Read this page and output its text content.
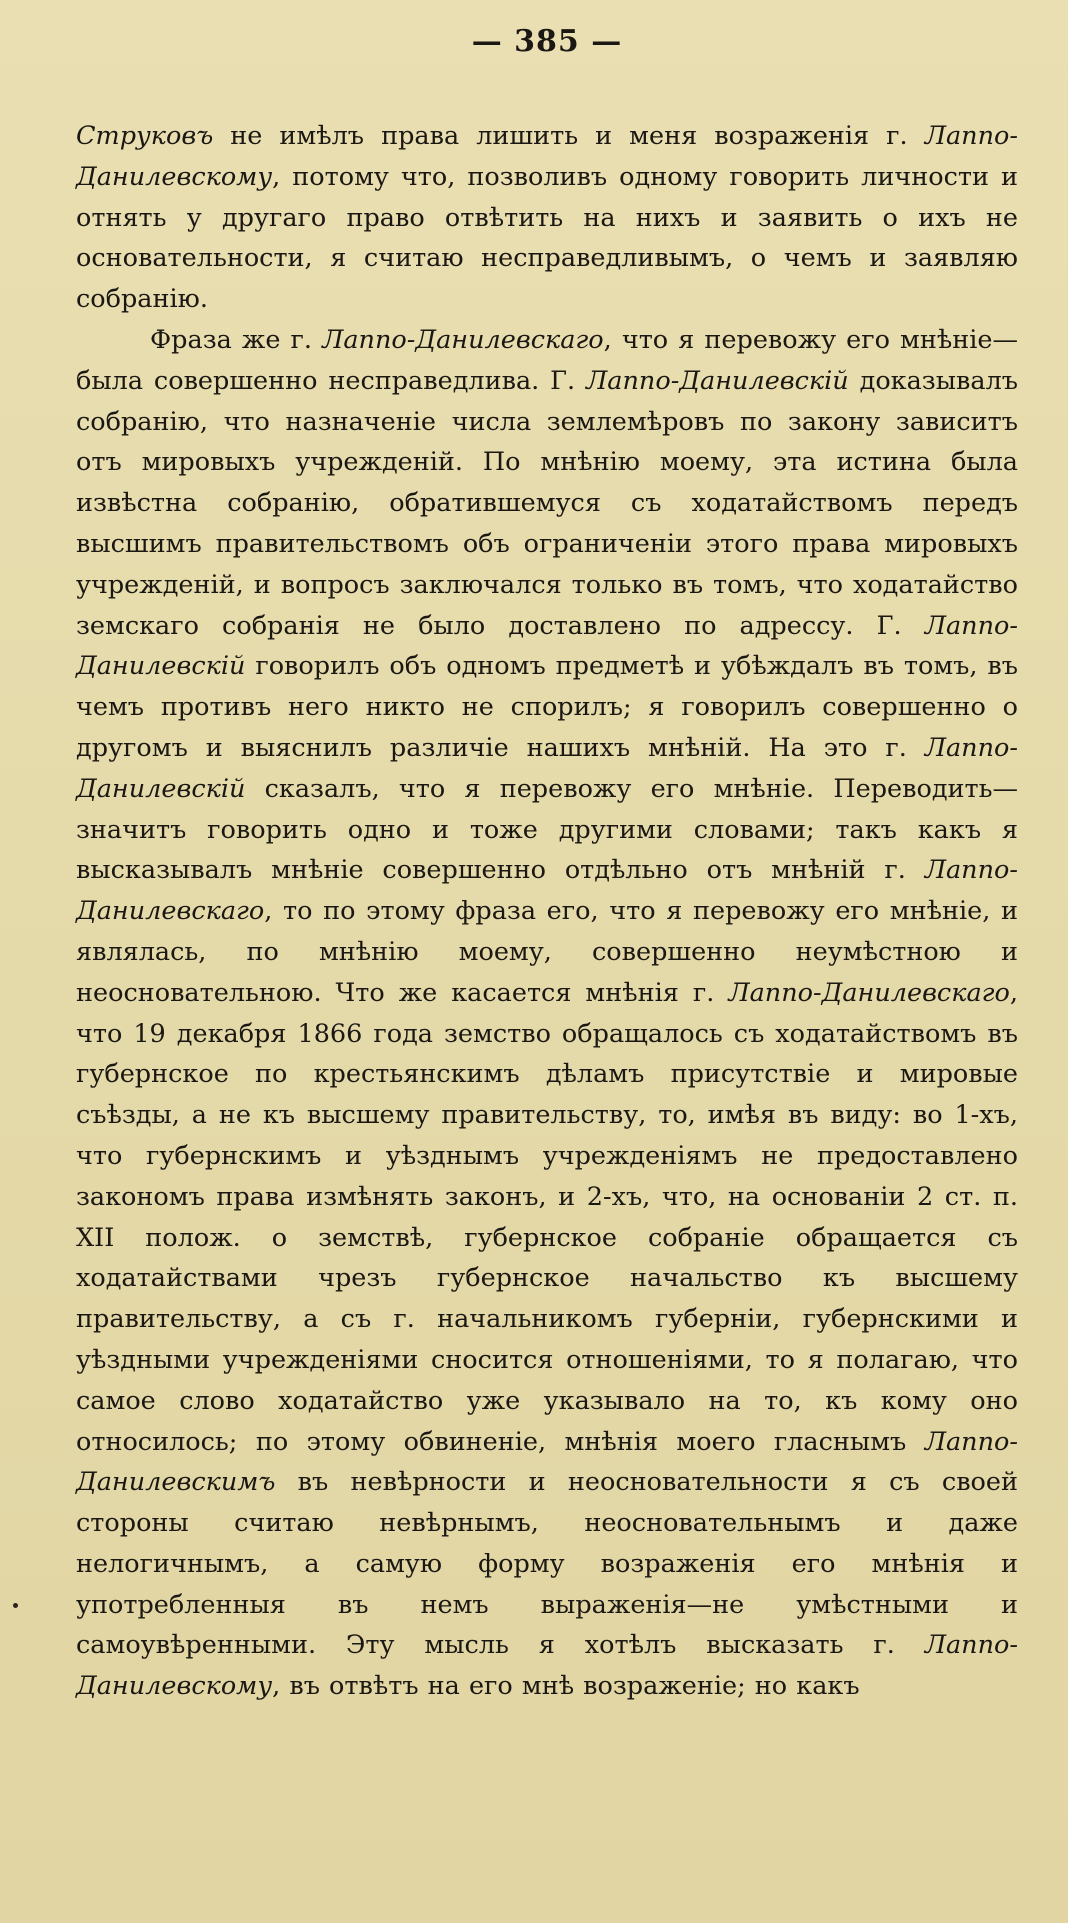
— 385 —

Струковъ не имѣлъ права лишить и меня возраженія г. Лаппо-Данилевскому, потому что, позволивъ одному говорить личности и отнять у другаго право отвѣтить на нихъ и заявить о ихъ не основательности, я считаю несправедливымъ, о чемъ и заявляю собранію.

Фраза же г. Лаппо-Данилевскаго, что я перевожу его мнѣніе— была совершенно несправедлива. Г. Лаппо-Данилевскій доказывалъ собранію, что назначеніе числа землемѣровъ по закону зависитъ отъ мировыхъ учрежденій. По мнѣнію моему, эта истина была извѣстна собранію, обратившемуся съ ходатайствомъ передъ высшимъ правительствомъ объ ограниченіи этого права мировыхъ учрежденій, и вопросъ заключался только въ томъ, что ходатайство земскаго собранія не было доставлено по адрессу. Г. Лаппо-Данилевскій говорилъ объ одномъ предметѣ и убѣждалъ въ томъ, въ чемъ противъ него никто не спорилъ; я говорилъ совершенно о другомъ и выяснилъ различіе нашихъ мнѣній. На это г. Лаппо-Данилевскій сказалъ, что я перевожу его мнѣніе. Переводить—значитъ говорить одно и тоже другими словами; такъ какъ я высказывалъ мнѣніе совершенно отдѣльно отъ мнѣній г. Лаппо-Данилевскаго, то по этому фраза его, что я перевожу его мнѣніе, и являлась, по мнѣнію моему, совершенно неумѣстною и неосновательною. Что же касается мнѣнія г. Лаппо-Данилевскаго, что 19 декабря 1866 года земство обращалось съ ходатайствомъ въ губернское по крестьянскимъ дѣламъ присутствіе и мировые съѣзды, а не къ высшему правительству, то, имѣя въ виду: во 1-хъ, что губернскимъ и уѣзднымъ учрежденіямъ не предоставлено закономъ права измѣнять законъ, и 2-хъ, что, на основаніи 2 ст. п. XII полож. о земствѣ, губернское собраніе обращается съ ходатайствами чрезъ губернское начальство къ высшему правительству, а съ г. начальникомъ губерніи, губернскими и уѣздными учрежденіями сносится отношеніями, то я полагаю, что самое слово ходатайство уже указывало на то, къ кому оно относилось; по этому обвиненіе, мнѣнія моего гласнымъ Лаппо-Данилевскимъ въ невѣрности и неосновательности я съ своей стороны считаю невѣрнымъ, неосновательнымъ и даже нелогичнымъ, а самую форму возраженія его мнѣнія и употребленныя въ немъ выраженія—не умѣстными и самоувѣренными. Эту мысль я хотѣлъ высказать г. Лаппо-Данилевскому, въ отвѣтъ на его мнѣ возраженіе; но какъ
